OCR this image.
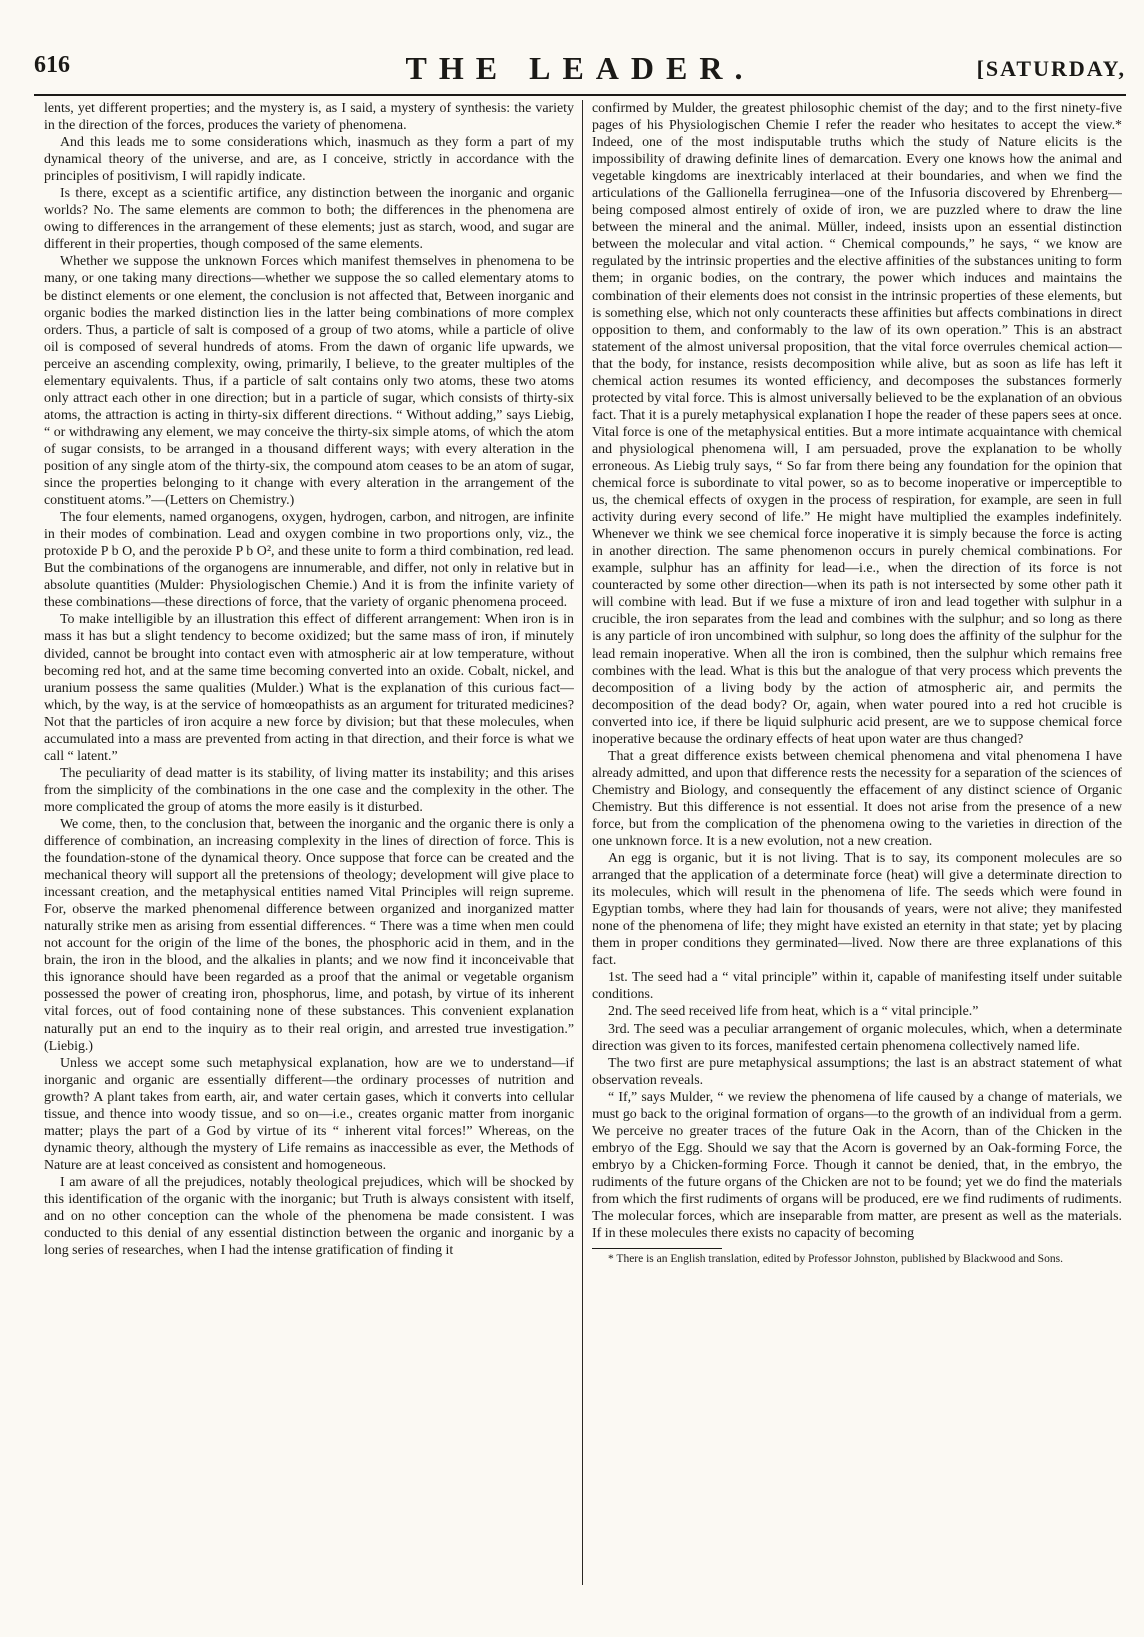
616	THE LEADER.	[SATURDAY,

lents, yet different properties; and the mystery is, as I said, a mystery of synthesis: the variety in the direction of the forces, produces the variety of phenomena.

And this leads me to some considerations which, inasmuch as they form a part of my dynamical theory of the universe, and are, as I conceive, strictly in accordance with the principles of positivism, I will rapidly indicate.

Is there, except as a scientific artifice, any distinction between the inorganic and organic worlds? No. The same elements are common to both; the differences in the phenomena are owing to differences in the arrangement of these elements; just as starch, wood, and sugar are different in their properties, though composed of the same elements.

Whether we suppose the unknown Forces which manifest themselves in phenomena to be many, or one taking many directions—whether we suppose the so called elementary atoms to be distinct elements or one element, the conclusion is not affected that, Between inorganic and organic bodies the marked distinction lies in the latter being combinations of more complex orders. Thus, a particle of salt is composed of a group of two atoms, while a particle of olive oil is composed of several hundreds of atoms. From the dawn of organic life upwards, we perceive an ascending complexity, owing, primarily, I believe, to the greater multiples of the elementary equivalents. Thus, if a particle of salt contains only two atoms, these two atoms only attract each other in one direction; but in a particle of sugar, which consists of thirty-six atoms, the attraction is acting in thirty-six different directions. “ Without adding,” says Liebig, “ or withdrawing any element, we may conceive the thirty-six simple atoms, of which the atom of sugar consists, to be arranged in a thousand different ways; with every alteration in the position of any single atom of the thirty-six, the compound atom ceases to be an atom of sugar, since the properties belonging to it change with every alteration in the arrangement of the constituent atoms.”—(Letters on Chemistry.)

The four elements, named organogens, oxygen, hydrogen, carbon, and nitrogen, are infinite in their modes of combination. Lead and oxygen combine in two proportions only, viz., the protoxide P b O, and the peroxide P b O², and these unite to form a third combination, red lead. But the combinations of the organogens are innumerable, and differ, not only in relative but in absolute quantities (Mulder: Physiologischen Chemie.) And it is from the infinite variety of these combinations—these directions of force, that the variety of organic phenomena proceed.

To make intelligible by an illustration this effect of different arrangement: When iron is in mass it has but a slight tendency to become oxidized; but the same mass of iron, if minutely divided, cannot be brought into contact even with atmospheric air at low temperature, without becoming red hot, and at the same time becoming converted into an oxide. Cobalt, nickel, and uranium possess the same qualities (Mulder.) What is the explanation of this curious fact—which, by the way, is at the service of homœopathists as an argument for triturated medicines? Not that the particles of iron acquire a new force by division; but that these molecules, when accumulated into a mass are prevented from acting in that direction, and their force is what we call “ latent.”

The peculiarity of dead matter is its stability, of living matter its instability; and this arises from the simplicity of the combinations in the one case and the complexity in the other. The more complicated the group of atoms the more easily is it disturbed.

We come, then, to the conclusion that, between the inorganic and the organic there is only a difference of combination, an increasing complexity in the lines of direction of force. This is the foundation-stone of the dynamical theory. Once suppose that force can be created and the mechanical theory will support all the pretensions of theology; development will give place to incessant creation, and the metaphysical entities named Vital Principles will reign supreme. For, observe the marked phenomenal difference between organized and inorganized matter naturally strike men as arising from essential differences. “ There was a time when men could not account for the origin of the lime of the bones, the phosphoric acid in them, and in the brain, the iron in the blood, and the alkalies in plants; and we now find it inconceivable that this ignorance should have been regarded as a proof that the animal or vegetable organism possessed the power of creating iron, phosphorus, lime, and potash, by virtue of its inherent vital forces, out of food containing none of these substances. This convenient explanation naturally put an end to the inquiry as to their real origin, and arrested true investigation.” (Liebig.)

Unless we accept some such metaphysical explanation, how are we to understand—if inorganic and organic are essentially different—the ordinary processes of nutrition and growth? A plant takes from earth, air, and water certain gases, which it converts into cellular tissue, and thence into woody tissue, and so on—i.e., creates organic matter from inorganic matter; plays the part of a God by virtue of its “ inherent vital forces!” Whereas, on the dynamic theory, although the mystery of Life remains as inaccessible as ever, the Methods of Nature are at least conceived as consistent and homogeneous.

I am aware of all the prejudices, notably theological prejudices, which will be shocked by this identification of the organic with the inorganic; but Truth is always consistent with itself, and on no other conception can the whole of the phenomena be made consistent. I was conducted to this denial of any essential distinction between the organic and inorganic by a long series of researches, when I had the intense gratification of finding it

confirmed by Mulder, the greatest philosophic chemist of the day; and to the first ninety-five pages of his Physiologischen Chemie I refer the reader who hesitates to accept the view.* Indeed, one of the most indisputable truths which the study of Nature elicits is the impossibility of drawing definite lines of demarcation. Every one knows how the animal and vegetable kingdoms are inextricably interlaced at their boundaries, and when we find the articulations of the Gallionella ferruginea—one of the Infusoria discovered by Ehrenberg—being composed almost entirely of oxide of iron, we are puzzled where to draw the line between the mineral and the animal. Müller, indeed, insists upon an essential distinction between the molecular and vital action. “ Chemical compounds,” he says, “ we know are regulated by the intrinsic properties and the elective affinities of the substances uniting to form them; in organic bodies, on the contrary, the power which induces and maintains the combination of their elements does not consist in the intrinsic properties of these elements, but is something else, which not only counteracts these affinities but affects combinations in direct opposition to them, and conformably to the law of its own operation.” This is an abstract statement of the almost universal proposition, that the vital force overrules chemical action—that the body, for instance, resists decomposition while alive, but as soon as life has left it chemical action resumes its wonted efficiency, and decomposes the substances formerly protected by vital force. This is almost universally believed to be the explanation of an obvious fact. That it is a purely metaphysical explanation I hope the reader of these papers sees at once. Vital force is one of the metaphysical entities. But a more intimate acquaintance with chemical and physiological phenomena will, I am persuaded, prove the explanation to be wholly erroneous. As Liebig truly says, “ So far from there being any foundation for the opinion that chemical force is subordinate to vital power, so as to become inoperative or imperceptible to us, the chemical effects of oxygen in the process of respiration, for example, are seen in full activity during every second of life.” He might have multiplied the examples indefinitely. Whenever we think we see chemical force inoperative it is simply because the force is acting in another direction. The same phenomenon occurs in purely chemical combinations. For example, sulphur has an affinity for lead—i.e., when the direction of its force is not counteracted by some other direction—when its path is not intersected by some other path it will combine with lead. But if we fuse a mixture of iron and lead together with sulphur in a crucible, the iron separates from the lead and combines with the sulphur; and so long as there is any particle of iron uncombined with sulphur, so long does the affinity of the sulphur for the lead remain inoperative. When all the iron is combined, then the sulphur which remains free combines with the lead. What is this but the analogue of that very process which prevents the decomposition of a living body by the action of atmospheric air, and permits the decomposition of the dead body? Or, again, when water poured into a red hot crucible is converted into ice, if there be liquid sulphuric acid present, are we to suppose chemical force inoperative because the ordinary effects of heat upon water are thus changed?

That a great difference exists between chemical phenomena and vital phenomena I have already admitted, and upon that difference rests the necessity for a separation of the sciences of Chemistry and Biology, and consequently the effacement of any distinct science of Organic Chemistry. But this difference is not essential. It does not arise from the presence of a new force, but from the complication of the phenomena owing to the varieties in direction of the one unknown force. It is a new evolution, not a new creation.

An egg is organic, but it is not living. That is to say, its component molecules are so arranged that the application of a determinate force (heat) will give a determinate direction to its molecules, which will result in the phenomena of life. The seeds which were found in Egyptian tombs, where they had lain for thousands of years, were not alive; they manifested none of the phenomena of life; they might have existed an eternity in that state; yet by placing them in proper conditions they germinated—lived. Now there are three explanations of this fact.

1st. The seed had a “ vital principle” within it, capable of manifesting itself under suitable conditions.

2nd. The seed received life from heat, which is a “ vital principle.”

3rd. The seed was a peculiar arrangement of organic molecules, which, when a determinate direction was given to its forces, manifested certain phenomena collectively named life.

The two first are pure metaphysical assumptions; the last is an abstract statement of what observation reveals.

“ If,” says Mulder, “ we review the phenomena of life caused by a change of materials, we must go back to the original formation of organs—to the growth of an individual from a germ. We perceive no greater traces of the future Oak in the Acorn, than of the Chicken in the embryo of the Egg. Should we say that the Acorn is governed by an Oak-forming Force, the embryo by a Chicken-forming Force. Though it cannot be denied, that, in the embryo, the rudiments of the future organs of the Chicken are not to be found; yet we do find the materials from which the first rudiments of organs will be produced, ere we find rudiments of rudiments. The molecular forces, which are inseparable from matter, are present as well as the materials. If in these molecules there exists no capacity of becoming

* There is an English translation, edited by Professor Johnston, published by Blackwood and Sons.
